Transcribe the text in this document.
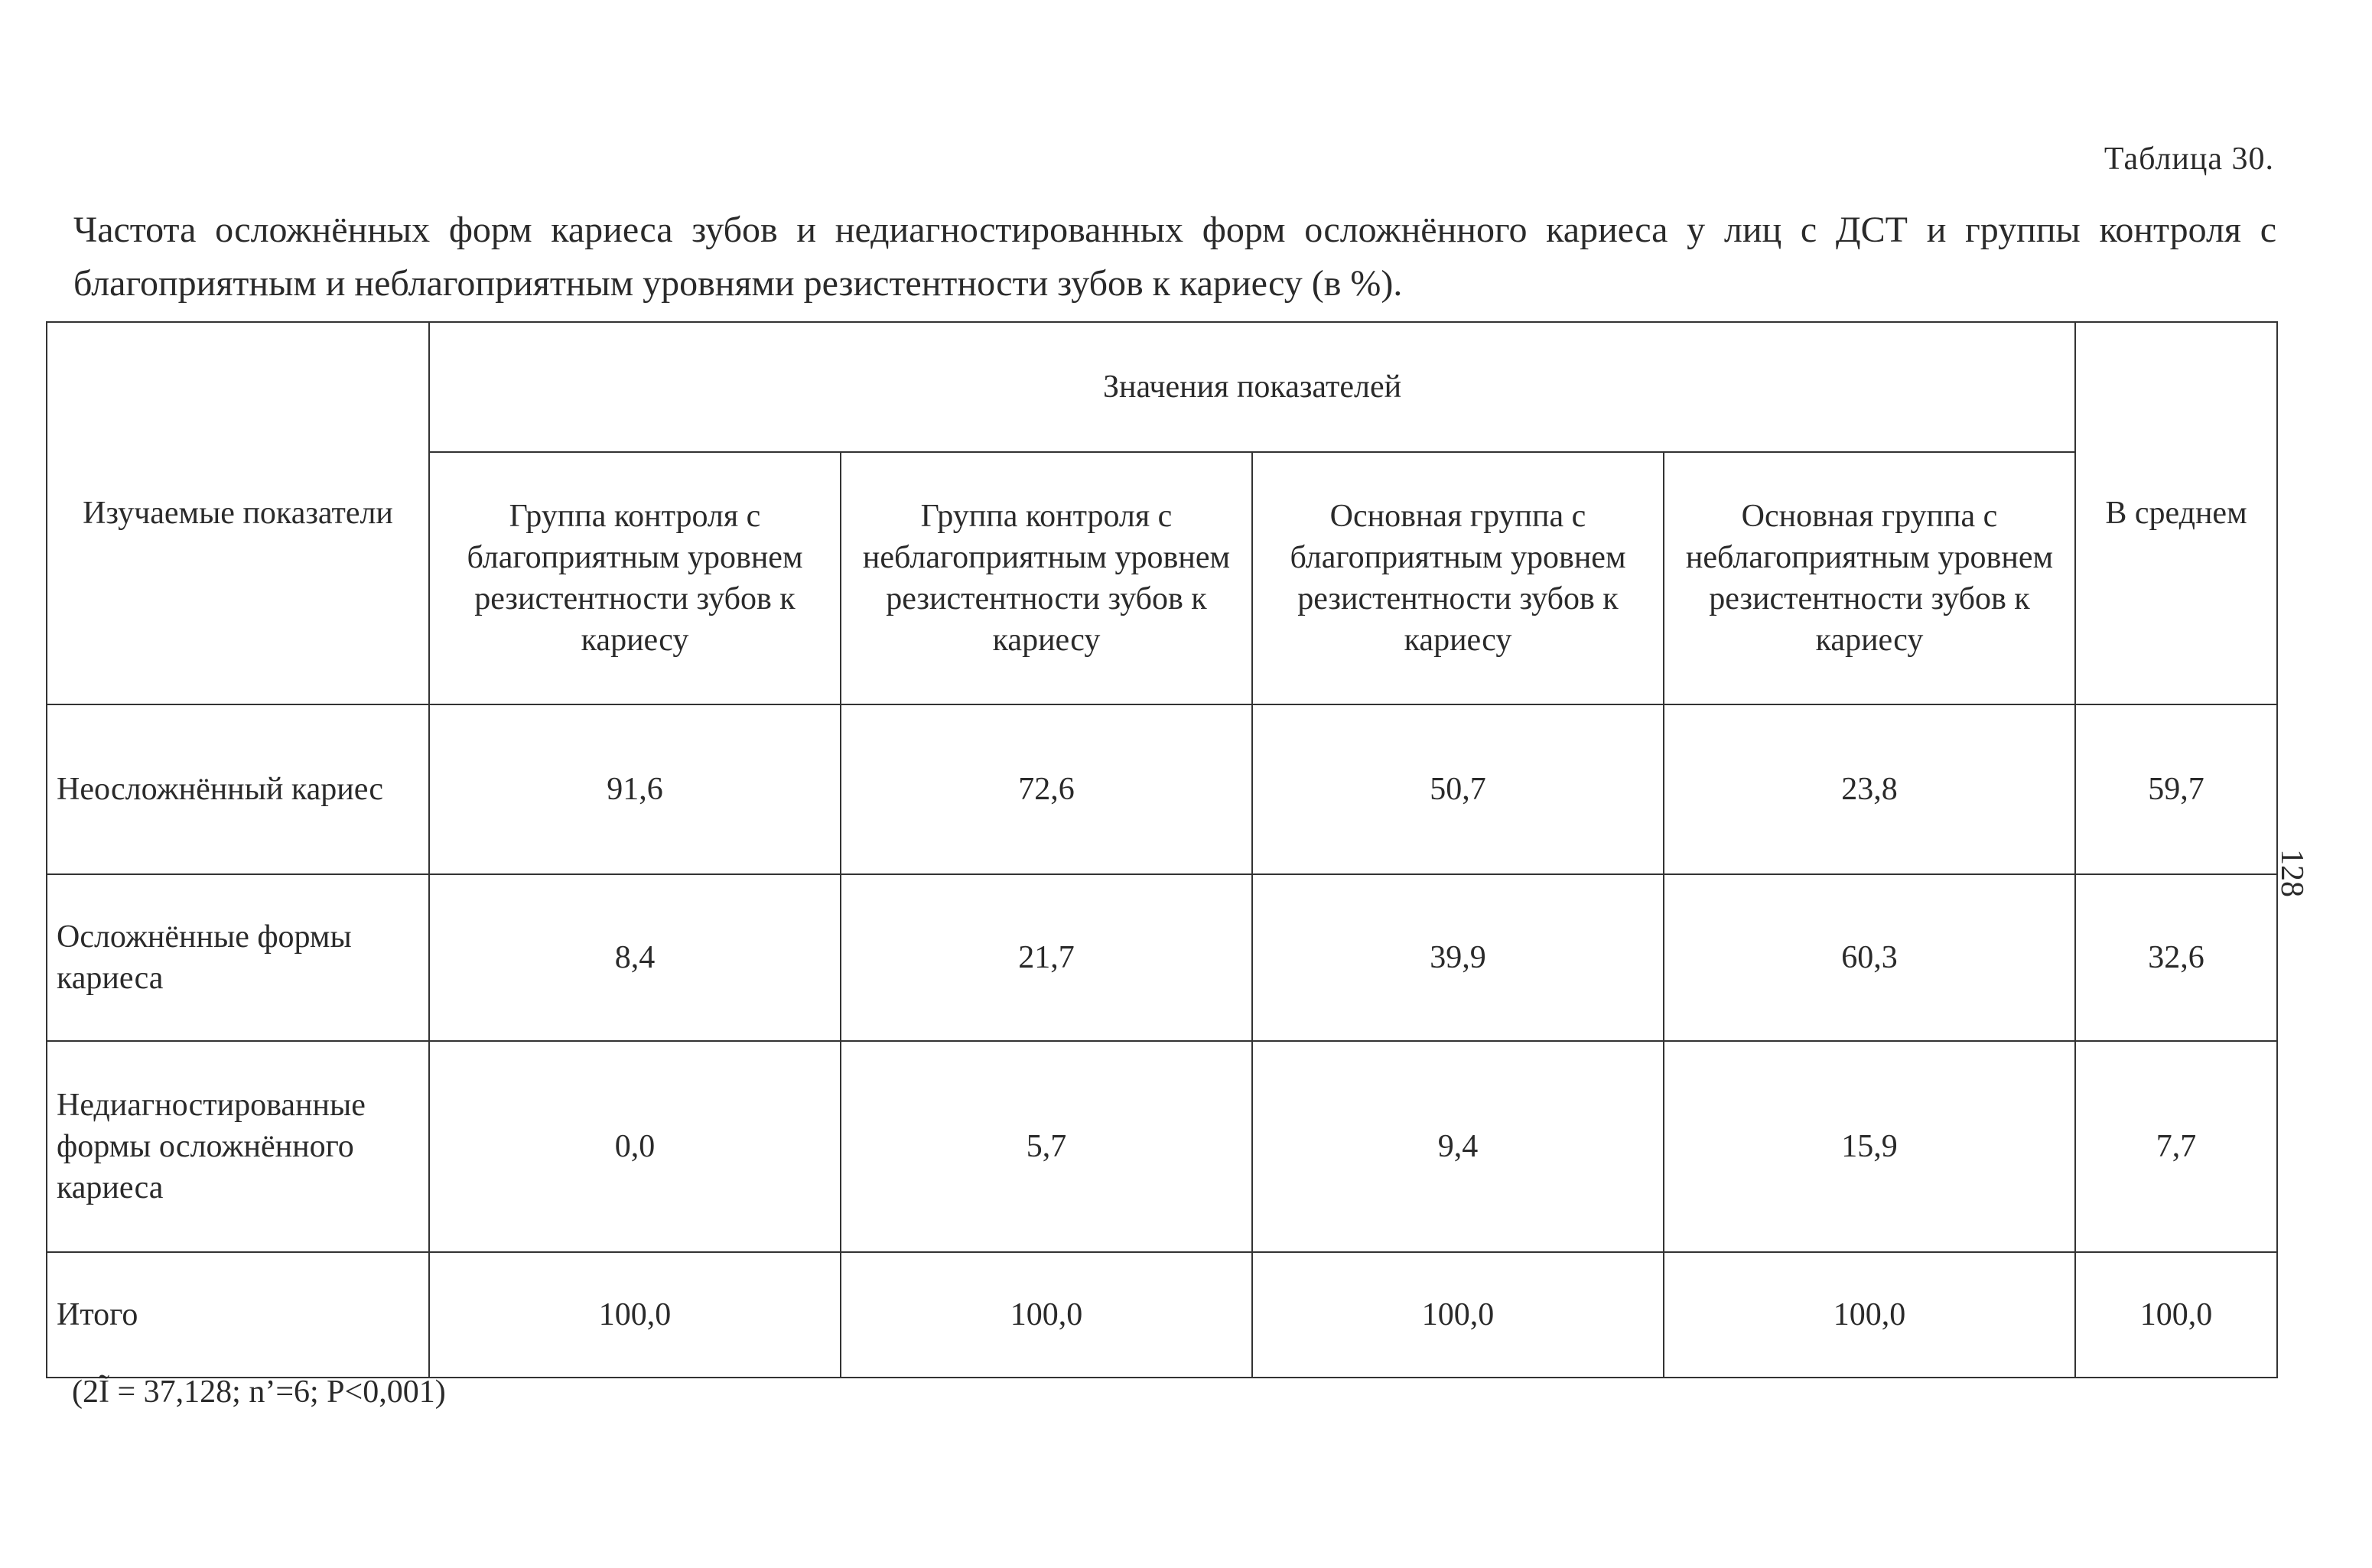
Таблица 30.

Частота осложнённых форм кариеса зубов и недиагностированных форм осложнённого кариеса у лиц с ДСТ и группы контроля с благоприятным и неблагоприятным уровнями резистентности зубов к кариесу (в %).

Изучаемые показатели	Значения показателей				В среднем
	Группа контроля с благоприятным уровнем резистентности зубов к кариесу	Группа контроля с неблагоприятным уровнем резистентности зубов к кариесу	Основная группа с благоприятным уровнем резистентности зубов к кариесу	Основная группа с неблагоприятным уровнем резистентности зубов к кариесу	
Неосложнённый кариес	91,6	72,6	50,7	23,8	59,7
Осложнённые формы кариеса	8,4	21,7	39,9	60,3	32,6
Недиагностированные формы осложнённого кариеса	0,0	5,7	9,4	15,9	7,7
Итого	100,0	100,0	100,0	100,0	100,0
(2Ĩ = 37,128; n’=6; P<0,001)
128
